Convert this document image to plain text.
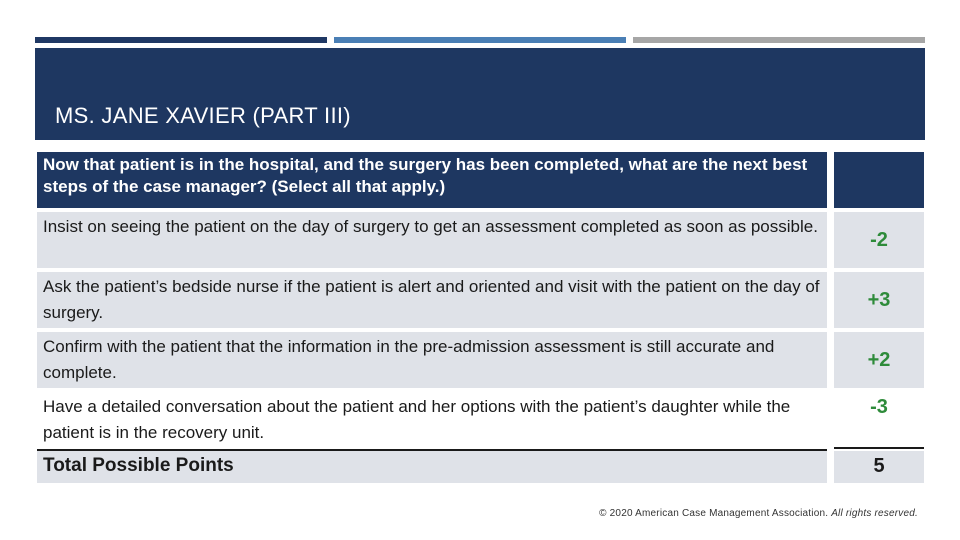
MS. JANE XAVIER (PART III)
Now that patient is in the hospital, and the surgery has been completed, what are the next best steps of the case manager? (Select all that apply.)
Insist on seeing the patient on the day of surgery to get an assessment completed as soon as possible.
-2
Ask the patient’s bedside nurse if the patient is alert and oriented and visit with the patient on the day of surgery.
+3
Confirm with the patient that the information in the pre-admission assessment is still accurate and complete.
+2
Have a detailed conversation about the patient and her options with the patient’s daughter while the patient is in the recovery unit.
-3
Total Possible Points	5
© 2020 American Case Management Association. All rights reserved.
